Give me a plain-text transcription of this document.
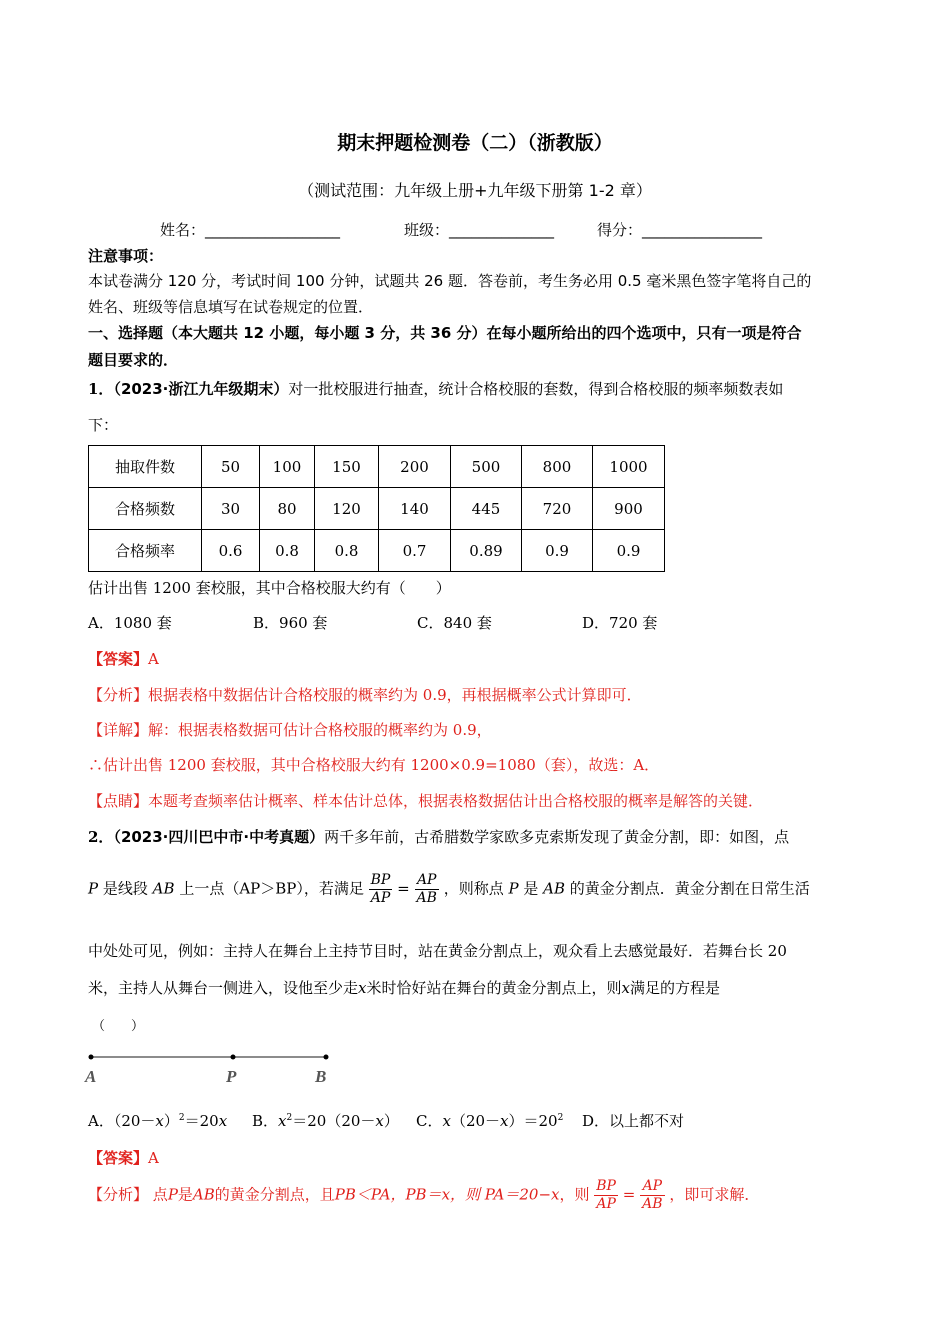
期末押题检测卷（二）（浙教版）
（测试范围：九年级上册+九年级下册第 1-2 章）
姓名：__________________	班级：______________	得分：________________
注意事项：
本试卷满分 120 分，考试时间 100 分钟，试题共 26 题．答卷前，考生务必用 0.5 毫米黑色签字笔将自己的
姓名、班级等信息填写在试卷规定的位置．
一、选择题（本大题共 12 小题，每小题 3 分，共 36 分）在每小题所给出的四个选项中，只有一项是符合
题目要求的．
1．（2023·浙江九年级期末）对一批校服进行抽查，统计合格校服的套数，得到合格校服的频率频数表如
下：
抽取件数	50	100	150	200	500	800	1000
合格频数	30	80	120	140	445	720	900
合格频率	0.6	0.8	0.8	0.7	0.89	0.9	0.9
估计出售 1200 套校服，其中合格校服大约有（　　）
A．1080 套	B．960 套	C．840 套	D．720 套
【答案】A
【分析】根据表格中数据估计合格校服的概率约为 0.9，再根据概率公式计算即可．
【详解】解：根据表格数据可估计合格校服的概率约为 0.9，
∴估计出售 1200 套校服，其中合格校服大约有 1200×0.9=1080（套），故选：A．
【点睛】本题考查频率估计概率、样本估计总体，根据表格数据估计出合格校服的概率是解答的关键．
2．（2023·四川巴中市·中考真题）两千多年前，古希腊数学家欧多克索斯发现了黄金分割，即：如图，点
P 是线段 AB 上一点（AP＞BP），若满足 $\frac{BP}{AP} = \frac{AP}{AB}$ ，则称点 P 是 AB 的黄金分割点．黄金分割在日常生活
中处处可见，例如：主持人在舞台上主持节目时，站在黄金分割点上，观众看上去感觉最好．若舞台长 20
米，主持人从舞台一侧进入，设他至少走x米时恰好站在舞台的黄金分割点上，则x满足的方程是
（　　）
A	P	B
A．$(20-x)^2=20x$ B．$x^2=20(20-x)$ C．$x(20-x)=20^2$ D．以上都不对
【答案】A
【分析】 点P是AB的黄金分割点，且PB＜PA，PB＝x，则 PA＝20−x，则 $\frac{BP}{AP} = \frac{AP}{AB}$ ，即可求解．
